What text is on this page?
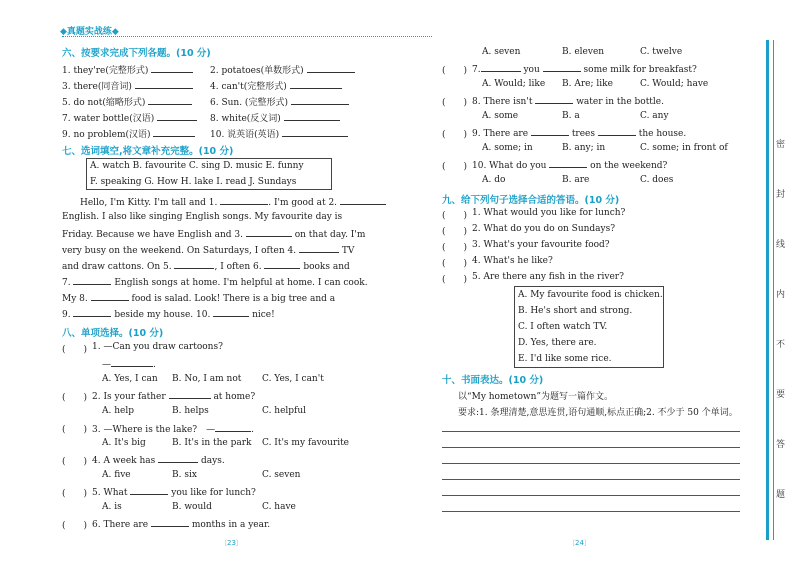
◆真题实战练◆
六、按要求完成下列各题。(10 分)
1. they're(完整形式)	2. potatoes(单数形式)
3. there(同音词)	4. can't(完整形式)
5. do not(缩略形式)	6. Sun. (完整形式)
7. water bottle(汉语)	8. white(反义词)
9. no problem(汉语)	10. 说英语(英语)
七、选词填空,将文章补充完整。(10 分)
A. watch B. favourite C. sing D. music E. funny
F. speaking G. How H. lake I. read J. Sundays
Hello, I'm Kitty. I'm tall and 1.	. I'm good at 2.
English. I also like singing English songs. My favourite day is
Friday. Because we have English and 3.	on that day. I'm
very busy on the weekend. On Saturdays, I often 4.	TV
and draw cattons. On 5.	, I often 6.	books and
7.	English songs at home. I'm helpful at home. I can cook.
My 8.	food is salad. Look! There is a big tree and a
9.	beside my house. 10.	nice!
八、单项选择。(10 分)
(　　) 1. —Can you draw cartoons?
—	.
A. Yes, I can B. No, I am not C. Yes, I can't
(　　) 2. Is your father	at home?
A. help	B. helps	C. helpful
(　　) 3. —Where is the lake?　 —	.
A. It's big	B. It's in the park C. It's my favourite
(　　) 4. A week has	days.
A. five	B. six	C. seven
(　　) 5. What	you like for lunch?
A. is	B. would	C. have
(　　) 6. There are	months in a year.
〔23〕
A. seven	B. eleven	C. twelve
(　　) 7.	you	some milk for breakfast?
A. Would; like B. Are; like	C. Would; have
(　　) 8. There isn't	water in the bottle.
A. some	B. a	C. any
(　　) 9. There are	trees	the house.
A. some; in	B. any; in	C. some; in front of
(　　) 10. What do you	on the weekend?
A. do	B. are	C. does
九、给下列句子选择合适的答语。(10 分)
(　　) 1. What would you like for lunch?
(　　) 2. What do you do on Sundays?
(　　) 3. What's your favourite food?
(　　) 4. What's he like?
(　　) 5. Are there any fish in the river?
A. My favourite food is chicken.
B. He's short and strong.
C. I often watch TV.
D. Yes, there are.
E. I'd like some rice.
十、书面表达。(10 分)
以“My hometown”为题写一篇作文。
要求:1. 条理清楚,意思连贯,语句通顺,标点正确;2. 不少于 50 个单词。
〔24〕
密
封
线
内
不
要
答
题
